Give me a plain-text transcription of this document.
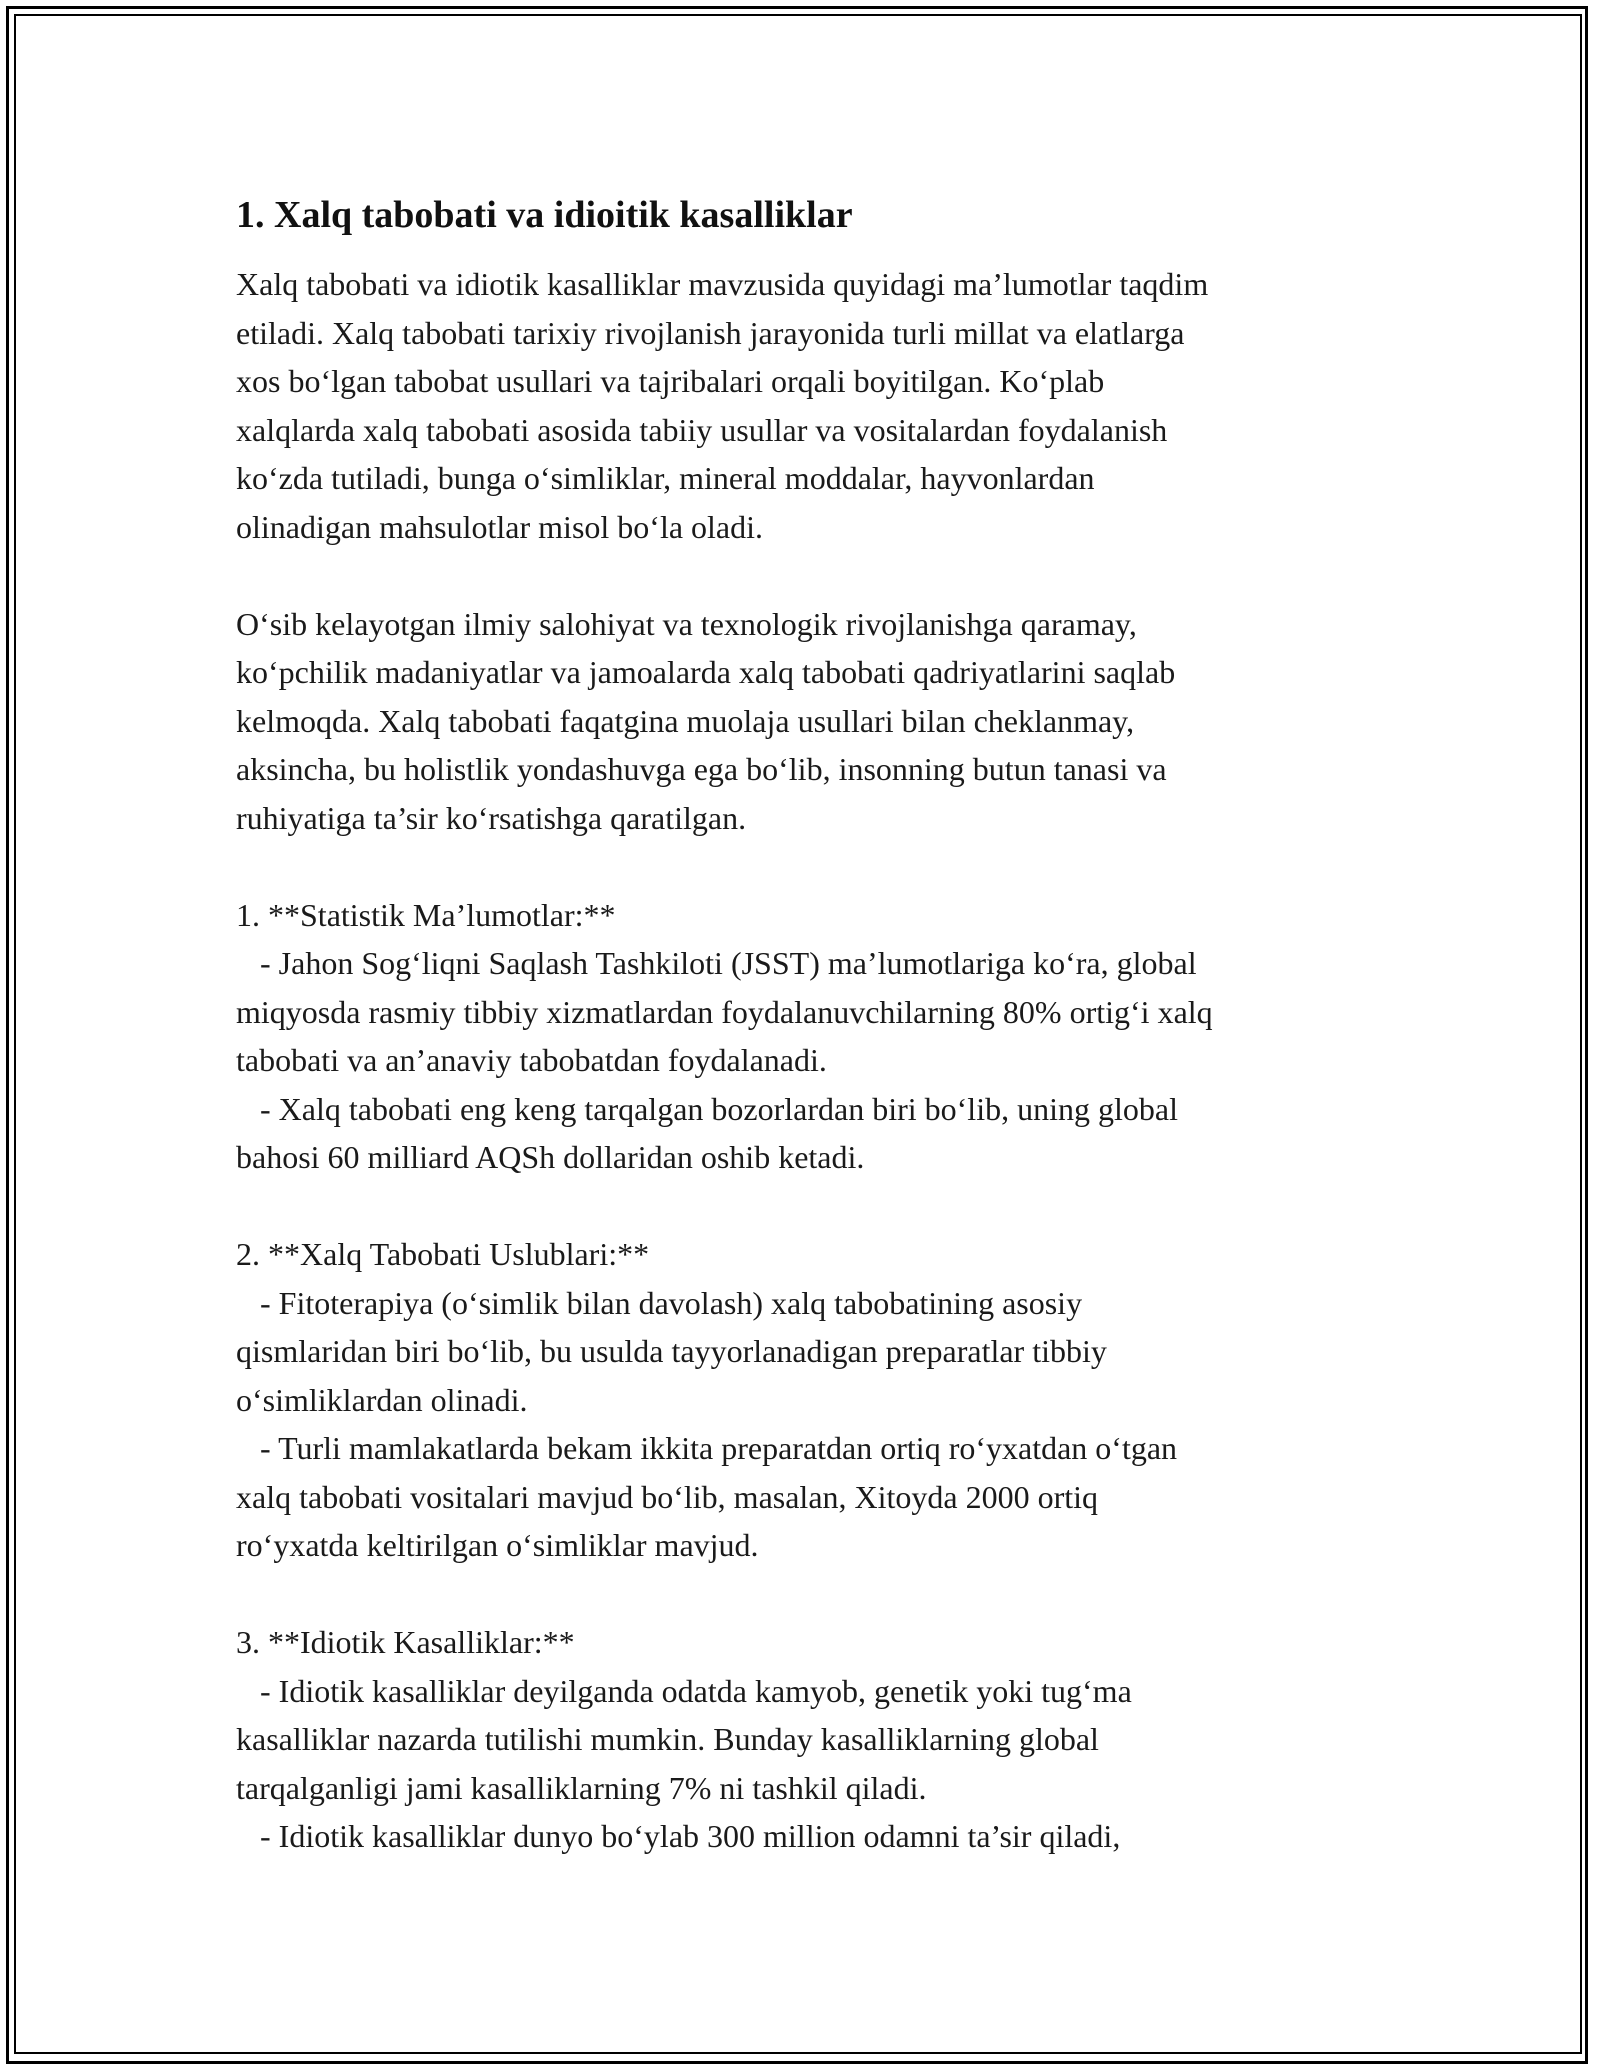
1. Xalq tabobati va idioitik kasalliklar
Xalq tabobati va idiotik kasalliklar mavzusida quyidagi ma’lumotlar taqdim
etiladi. Xalq tabobati tarixiy rivojlanish jarayonida turli millat va elatlarga
xos bo‘lgan tabobat usullari va tajribalari orqali boyitilgan. Ko‘plab
xalqlarda xalq tabobati asosida tabiiy usullar va vositalardan foydalanish
ko‘zda tutiladi, bunga o‘simliklar, mineral moddalar, hayvonlardan
olinadigan mahsulotlar misol bo‘la oladi.

O‘sib kelayotgan ilmiy salohiyat va texnologik rivojlanishga qaramay,
ko‘pchilik madaniyatlar va jamoalarda xalq tabobati qadriyatlarini saqlab
kelmoqda. Xalq tabobati faqatgina muolaja usullari bilan cheklanmay,
aksincha, bu holistlik yondashuvga ega bo‘lib, insonning butun tanasi va
ruhiyatiga ta’sir ko‘rsatishga qaratilgan.

1. **Statistik Ma’lumotlar:**
- Jahon Sog‘liqni Saqlash Tashkiloti (JSST) ma’lumotlariga ko‘ra, global
miqyosda rasmiy tibbiy xizmatlardan foydalanuvchilarning 80% ortig‘i xalq
tabobati va an’anaviy tabobatdan foydalanadi.
- Xalq tabobati eng keng tarqalgan bozorlardan biri bo‘lib, uning global
bahosi 60 milliard AQSh dollaridan oshib ketadi.

2. **Xalq Tabobati Uslublari:**
- Fitoterapiya (o‘simlik bilan davolash) xalq tabobatining asosiy
qismlaridan biri bo‘lib, bu usulda tayyorlanadigan preparatlar tibbiy
o‘simliklardan olinadi.
- Turli mamlakatlarda bekam ikkita preparatdan ortiq ro‘yxatdan o‘tgan
xalq tabobati vositalari mavjud bo‘lib, masalan, Xitoyda 2000 ortiq
ro‘yxatda keltirilgan o‘simliklar mavjud.

3. **Idiotik Kasalliklar:**
- Idiotik kasalliklar deyilganda odatda kamyob, genetik yoki tug‘ma
kasalliklar nazarda tutilishi mumkin. Bunday kasalliklarning global
tarqalganligi jami kasalliklarning 7% ni tashkil qiladi.
- Idiotik kasalliklar dunyo bo‘ylab 300 million odamni ta’sir qiladi,
